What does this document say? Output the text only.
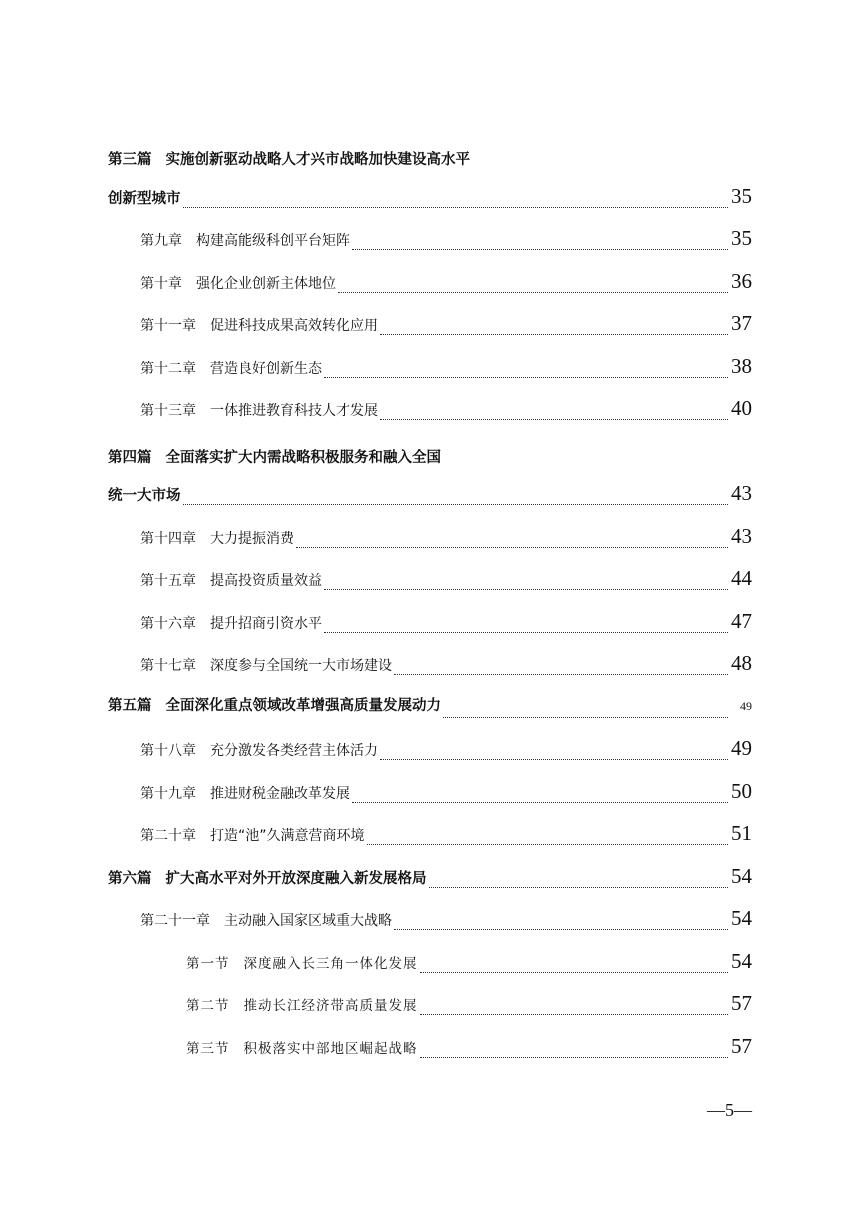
第三篇 实施创新驱动战略人才兴市战略加快建设高水平
创新型城市	35
第九章 构建高能级科创平台矩阵	35
第十章 强化企业创新主体地位	36
第十一章 促进科技成果高效转化应用	37
第十二章 营造良好创新生态	38
第十三章 一体推进教育科技人才发展	40
第四篇 全面落实扩大内需战略积极服务和融入全国
统一大市场	43
第十四章 大力提振消费	43
第十五章 提高投资质量效益	44
第十六章 提升招商引资水平	47
第十七章 深度参与全国统一大市场建设	48
第五篇 全面深化重点领域改革增强高质量发展动力	49
第十八章 充分激发各类经营主体活力	49
第十九章 推进财税金融改革发展	50
第二十章 打造“池”久满意营商环境	51
第六篇 扩大高水平对外开放深度融入新发展格局	54
第二十一章 主动融入国家区域重大战略	54
第一节 深度融入长三角一体化发展	54
第二节 推动长江经济带高质量发展	57
第三节 积极落实中部地区崛起战略	57
—5—
